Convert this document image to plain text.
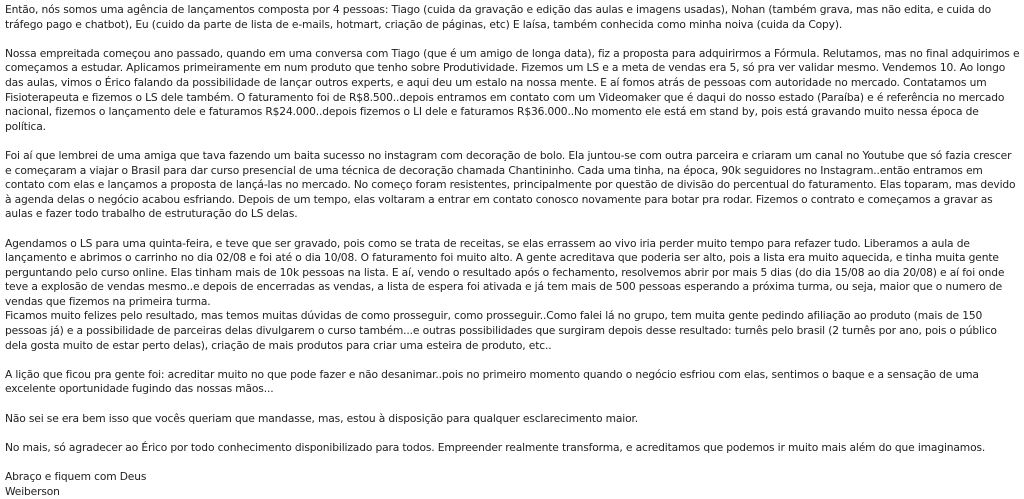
Então, nós somos uma agência de lançamentos composta por 4 pessoas: Tiago (cuida da gravação e edição das aulas e imagens usadas), Nohan (também grava, mas não edita, e cuida do tráfego pago e chatbot), Eu (cuido da parte de lista de e-mails, hotmart, criação de páginas, etc) E laísa, também conhecida como minha noiva (cuida da Copy).

Nossa empreitada começou ano passado, quando em uma conversa com Tiago (que é um amigo de longa data), fiz a proposta para adquirirmos a Fórmula. Relutamos, mas no final adquirimos e começamos a estudar. Aplicamos primeiramente em num produto que tenho sobre Produtividade. Fizemos um LS e a meta de vendas era 5, só pra ver validar mesmo. Vendemos 10. Ao longo das aulas, vimos o Érico falando da possibilidade de lançar outros experts, e aqui deu um estalo na nossa mente. E aí fomos atrás de pessoas com autoridade no mercado. Contatamos um Fisioterapeuta e fizemos o LS dele também. O faturamento foi de R$8.500..depois entramos em contato com um Videomaker que é daqui do nosso estado (Paraíba) e é referência no mercado nacional, fizemos o lançamento dele e faturamos R$24.000..depois fizemos o LI dele e faturamos R$36.000..No momento ele está em stand by, pois está gravando muito nessa época de política.

Foi aí que lembrei de uma amiga que tava fazendo um baita sucesso no instagram com decoração de bolo. Ela juntou-se com outra parceira e criaram um canal no Youtube que só fazia crescer e começaram a viajar o Brasil para dar curso presencial de uma técnica de decoração chamada Chantininho. Cada uma tinha, na época, 90k seguidores no Instagram..então entramos em contato com elas e lançamos a proposta de lançá-las no mercado. No começo foram resistentes, principalmente por questão de divisão do percentual do faturamento. Elas toparam, mas devido à agenda delas o negócio acabou esfriando. Depois de um tempo, elas voltaram a entrar em contato conosco novamente para botar pra rodar. Fizemos o contrato e começamos a gravar as aulas e fazer todo trabalho de estruturação do LS delas.

Agendamos o LS para uma quinta-feira, e teve que ser gravado, pois como se trata de receitas, se elas errassem ao vivo iria perder muito tempo para refazer tudo. Liberamos a aula de lançamento e abrimos o carrinho no dia 02/08 e foi até o dia 10/08. O faturamento foi muito alto. A gente acreditava que poderia ser alto, pois a lista era muito aquecida, e tinha muita gente perguntando pelo curso online. Elas tinham mais de 10k pessoas na lista. E aí, vendo o resultado após o fechamento, resolvemos abrir por mais 5 dias (do dia 15/08 ao dia 20/08) e aí foi onde teve a explosão de vendas mesmo..e depois de encerradas as vendas, a lista de espera foi ativada e já tem mais de 500 pessoas esperando a próxima turma, ou seja, maior que o numero de vendas que fizemos na primeira turma.

Ficamos muito felizes pelo resultado, mas temos muitas dúvidas de como prosseguir, como prosseguir..Como falei lá no grupo, tem muita gente pedindo afiliação ao produto (mais de 150 pessoas já) e a possibilidade de parceiras delas divulgarem o curso também...e outras possibilidades que surgiram depois desse resultado: turnês pelo brasil (2 turnês por ano, pois o público dela gosta muito de estar perto delas), criação de mais produtos para criar uma esteira de produto, etc..

A lição que ficou pra gente foi: acreditar muito no que pode fazer e não desanimar..pois no primeiro momento quando o negócio esfriou com elas, sentimos o baque e a sensação de uma excelente oportunidade fugindo das nossas mãos...

Não sei se era bem isso que vocês queriam que mandasse, mas, estou à disposição para qualquer esclarecimento maior.

No mais, só agradecer ao Érico por todo conhecimento disponibilizado para todos. Empreender realmente transforma, e acreditamos que podemos ir muito mais além do que imaginamos.

Abraço e fiquem com Deus

Weiberson
